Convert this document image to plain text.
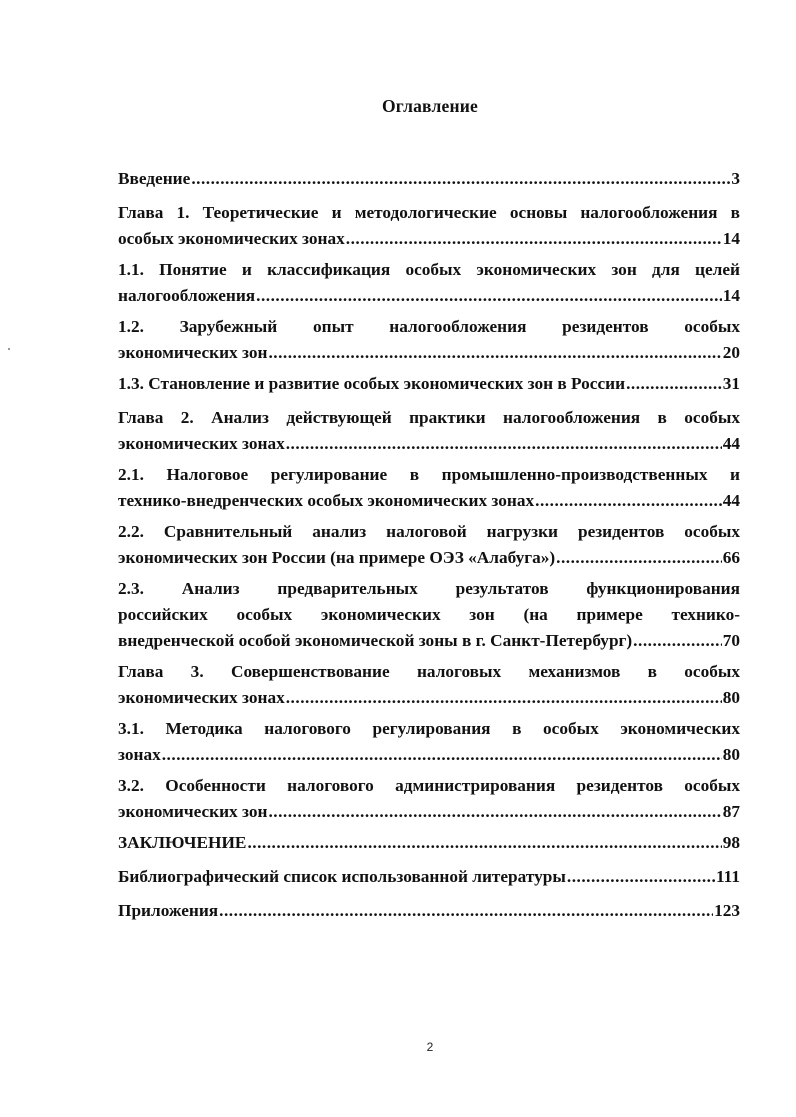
Оглавление
Введение .....	3
Глава 1. Теоретические и методологические основы налогообложения в
особых экономических зонах .....	14
1.1. Понятие и классификация особых экономических зон для целей
налогообложения .....	14
1.2. Зарубежный опыт налогообложения резидентов особых
экономических зон .....	20
1.3. Становление и развитие особых экономических зон в России .....	31
Глава 2. Анализ действующей практики налогообложения в особых
экономических зонах .....	44
2.1. Налоговое регулирование в промышленно-производственных и
технико-внедренческих особых экономических зонах .....	44
2.2. Сравнительный анализ налоговой нагрузки резидентов особых
экономических зон России (на примере ОЭЗ «Алабуга») .....	66
2.3. Анализ предварительных результатов функционирования
российских особых экономических зон (на примере технико-
внедренческой особой экономической зоны в г. Санкт-Петербург) .....	70
Глава 3. Совершенствование налоговых механизмов в особых
экономических зонах .....	80
3.1. Методика налогового регулирования в особых экономических
зонах .....	80
3.2. Особенности налогового администрирования резидентов особых
экономических зон .....	87
ЗАКЛЮЧЕНИЕ .....	98
Библиографический список использованной литературы .....	111
Приложения .....	123
2
